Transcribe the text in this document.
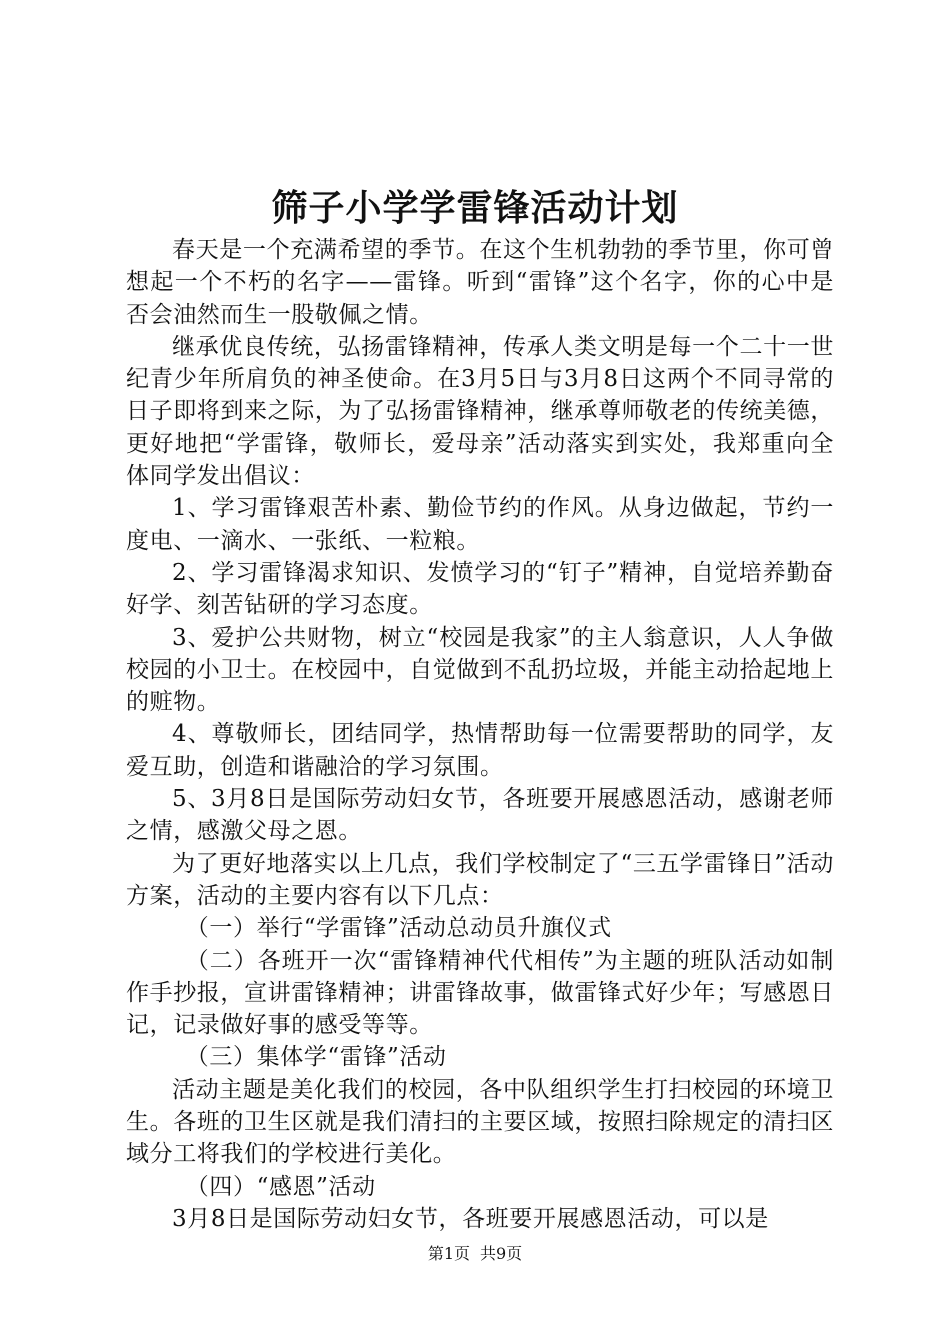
筛子小学学雷锋活动计划

春天是一个充满希望的季节。在这个生机勃勃的季节里，你可曾想起一个不朽的名字——雷锋。听到“雷锋”这个名字，你的心中是否会油然而生一股敬佩之情。

继承优良传统，弘扬雷锋精神，传承人类文明是每一个二十一世纪青少年所肩负的神圣使命。在3月5日与3月8日这两个不同寻常的日子即将到来之际，为了弘扬雷锋精神，继承尊师敬老的传统美德，更好地把“学雷锋，敬师长，爱母亲”活动落实到实处，我郑重向全体同学发出倡议：

1、学习雷锋艰苦朴素、勤俭节约的作风。从身边做起，节约一度电、一滴水、一张纸、一粒粮。

2、学习雷锋渴求知识、发愤学习的“钉子”精神，自觉培养勤奋好学、刻苦钻研的学习态度。

3、爱护公共财物，树立“校园是我家”的主人翁意识，人人争做校园的小卫士。在校园中，自觉做到不乱扔垃圾，并能主动拾起地上的赃物。

4、尊敬师长，团结同学，热情帮助每一位需要帮助的同学，友爱互助，创造和谐融洽的学习氛围。

5、3月8日是国际劳动妇女节，各班要开展感恩活动，感谢老师之情，感激父母之恩。

为了更好地落实以上几点，我们学校制定了“三五学雷锋日”活动方案，活动的主要内容有以下几点：

（一）举行“学雷锋”活动总动员升旗仪式

（二）各班开一次“雷锋精神代代相传”为主题的班队活动如制作手抄报，宣讲雷锋精神；讲雷锋故事，做雷锋式好少年；写感恩日记，记录做好事的感受等等。

（三）集体学“雷锋”活动

活动主题是美化我们的校园，各中队组织学生打扫校园的环境卫生。各班的卫生区就是我们清扫的主要区域，按照扫除规定的清扫区域分工将我们的学校进行美化。

（四）“感恩”活动

3月8日是国际劳动妇女节，各班要开展感恩活动，可以是

第1页 共9页
